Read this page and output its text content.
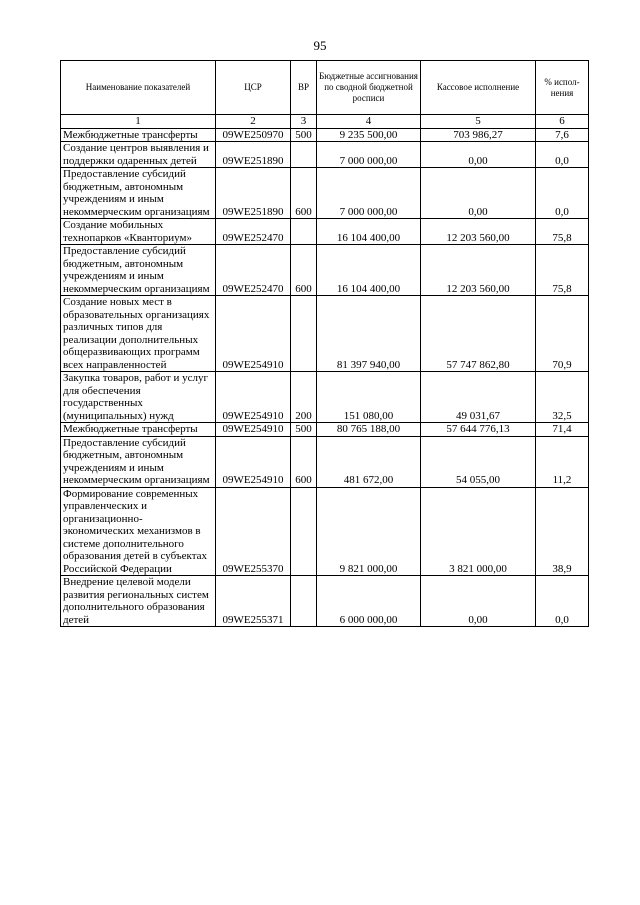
95
Наименование показателей	ЦСР	ВР	Бюджетные ассигнования по сводной бюджетной росписи	Кассовое исполнение	% испол-нения
1	2	3	4	5	6
Межбюджетные трансферты	09WE250970	500	9 235 500,00	703 986,27	7,6
Создание центров выявления и поддержки одаренных детей	09WE251890		7 000 000,00	0,00	0,0
Предоставление субсидий бюджетным, автономным учреждениям и иным некоммерческим организациям	09WE251890	600	7 000 000,00	0,00	0,0
Создание мобильных технопарков «Кванториум»	09WE252470		16 104 400,00	12 203 560,00	75,8
Предоставление субсидий бюджетным, автономным учреждениям и иным некоммерческим организациям	09WE252470	600	16 104 400,00	12 203 560,00	75,8
Создание новых мест в образовательных организациях различных типов для реализации дополнительных общеразвивающих программ всех направленностей	09WE254910		81 397 940,00	57 747 862,80	70,9
Закупка товаров, работ и услуг для обеспечения государственных (муниципальных) нужд	09WE254910	200	151 080,00	49 031,67	32,5
Межбюджетные трансферты	09WE254910	500	80 765 188,00	57 644 776,13	71,4
Предоставление субсидий бюджетным, автономным учреждениям и иным некоммерческим организациям	09WE254910	600	481 672,00	54 055,00	11,2
Формирование современных управленческих и организационно-экономических механизмов в системе дополнительного образования детей в субъектах Российской Федерации	09WE255370		9 821 000,00	3 821 000,00	38,9
Внедрение целевой модели развития региональных систем дополнительного образования детей	09WE255371		6 000 000,00	0,00	0,0
